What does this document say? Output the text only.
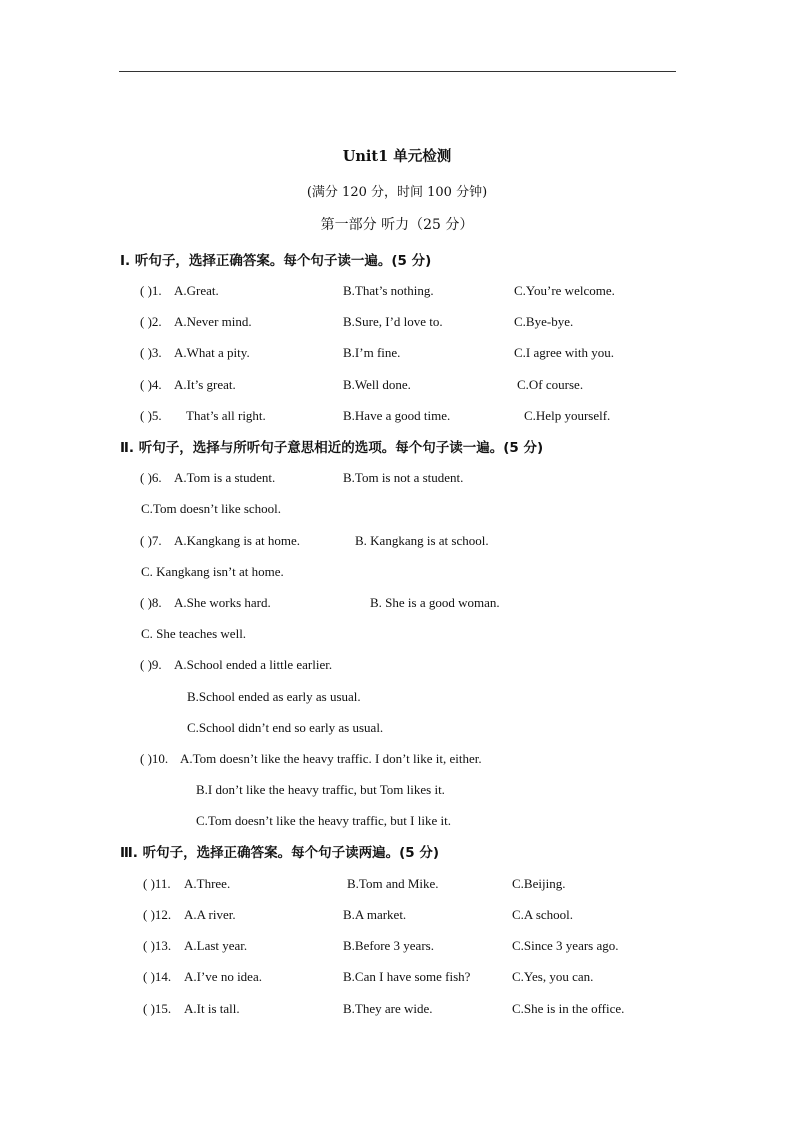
Unit1 单元检测
(满分 120 分，时间 100 分钟)
第一部分 听力（25 分）
Ⅰ. 听句子，选择正确答案。每个句子读一遍。(5 分)
( )1. A.Great.	B.That’s nothing.	C.You’re welcome.
( )2. A.Never mind.	B.Sure, I’d love to.	C.Bye-bye.
( )3. A.What a pity.	B.I’m fine.	C.I agree with you.
( )4. A.It’s great.	B.Well done.	C.Of course.
( )5. That’s all right.	B.Have a good time.	C.Help yourself.
Ⅱ. 听句子，选择与所听句子意思相近的选项。每个句子读一遍。(5 分)
( )6. A.Tom is a student.	B.Tom is not a student.
C.Tom doesn’t like school.
( )7. A.Kangkang is at home.	B. Kangkang is at school.
C. Kangkang isn’t at home.
( )8. A.She works hard.	B. She is a good woman.
C. She teaches well.
( )9. A.School ended a little earlier.
B.School ended as early as usual.
C.School didn’t end so early as usual.
( )10. A.Tom doesn’t like the heavy traffic. I don’t like it, either.
B.I don’t like the heavy traffic, but Tom likes it.
C.Tom doesn’t like the heavy traffic, but I like it.
Ⅲ. 听句子，选择正确答案。每个句子读两遍。(5 分)
( )11. A.Three.	B.Tom and Mike.	C.Beijing.
( )12. A.A river.	B.A market.	C.A school.
( )13. A.Last year.	B.Before 3 years.	C.Since 3 years ago.
( )14. A.I’ve no idea.	B.Can I have some fish?	C.Yes, you can.
( )15. A.It is tall.	B.They are wide.	C.She is in the office.
